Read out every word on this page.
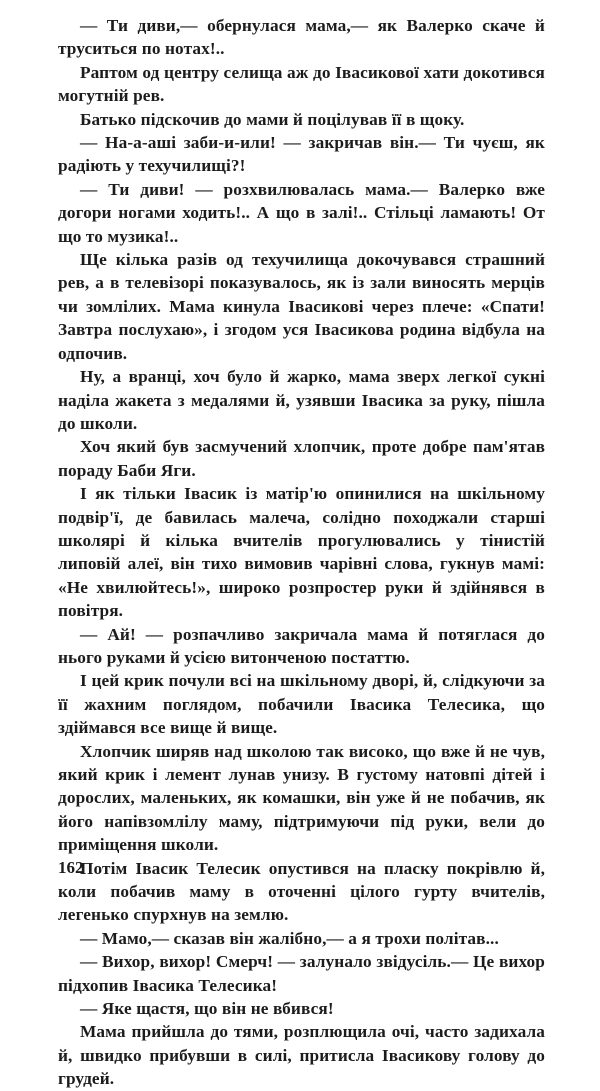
— Ти диви,— обернулася мама,— як Валерко скаче й труситься по нотах!..

Раптом од центру селища аж до Івасикової хати докотився могутній рев.

Батько підскочив до мами й поцілував її в щоку.

— На-а-аші заби-и-или! — закричав він.— Ти чуєш, як радіють у техучилищі?!

— Ти диви! — розхвилювалась мама.— Валерко вже догори ногами ходить!.. А що в залі!.. Стільці ламають! От що то музика!..

Ще кілька разів од техучилища докочувався страшний рев, а в телевізорі показувалось, як із зали виносять мерців чи зомлілих. Мама кинула Івасикові через плече: «Спати! Завтра послухаю», і згодом уся Івасикова родина відбула на одпочив.

Ну, а вранці, хоч було й жарко, мама зверх легкої сукні наділа жакета з медалями й, узявши Івасика за руку, пішла до школи.

Хоч який був засмучений хлопчик, проте добре пам'ятав пораду Баби Яги.

І як тільки Івасик із матір'ю опинилися на шкільному подвір'ї, де бавилась малеча, солідно походжали старші школярі й кілька вчителів прогулювались у тінистій липовій алеї, він тихо вимовив чарівні слова, гукнув мамі: «Не хвилюйтесь!», широко розпростер руки й здійнявся в повітря.

— Ай! — розпачливо закричала мама й потяглася до нього руками й усією витонченою постаттю.

І цей крик почули всі на шкільному дворі, й, слідкуючи за її жахним поглядом, побачили Івасика Телесика, що здіймався все вище й вище.

Хлопчик ширяв над школою так високо, що вже й не чув, який крик і лемент лунав унизу. В густому натовпі дітей і дорослих, маленьких, як комашки, він уже й не побачив, як його напівзомлілу маму, підтримуючи під руки, вели до приміщення школи.

Потім Івасик Телесик опустився на пласку покрівлю й, коли побачив маму в оточенні цілого гурту вчителів, легенько спурхнув на землю.

— Мамо,— сказав він жалібно,— а я трохи політав...

— Вихор, вихор! Смерч! — залунало звідусіль.— Це вихор підхопив Івасика Телесика!

— Яке щастя, що він не вбився!

Мама прийшла до тями, розплющила очі, часто задихала й, швидко прибувши в силі, притисла Івасикову голову до грудей.

162
